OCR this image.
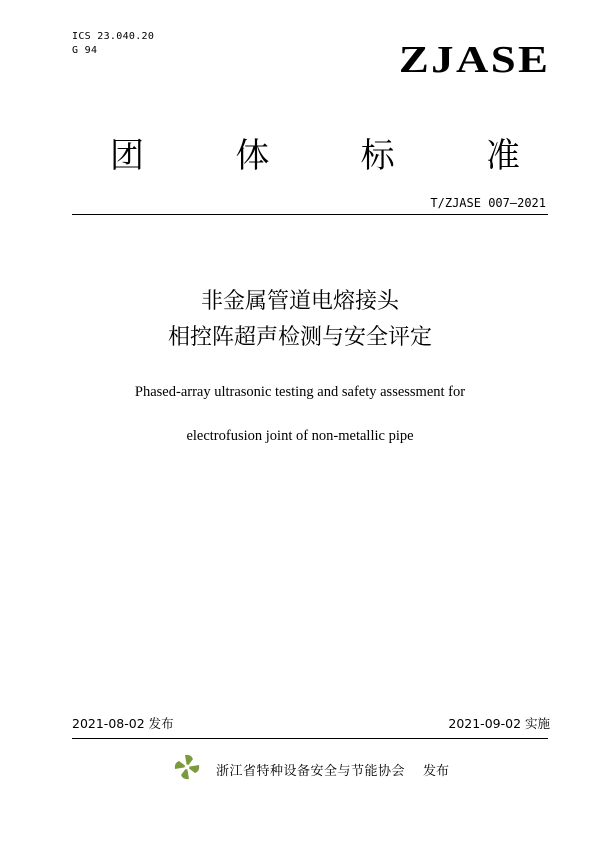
ICS 23.040.20
G 94	ZJASE
团	体	标	准
T/ZJASE 007—2021
非金属管道电熔接头
相控阵超声检测与安全评定
Phased-array ultrasonic testing and safety assessment for
electrofusion joint of non-metallic pipe
2021-08-02 发布	2021-09-02 实施
浙江省特种设备安全与节能协会 发布
